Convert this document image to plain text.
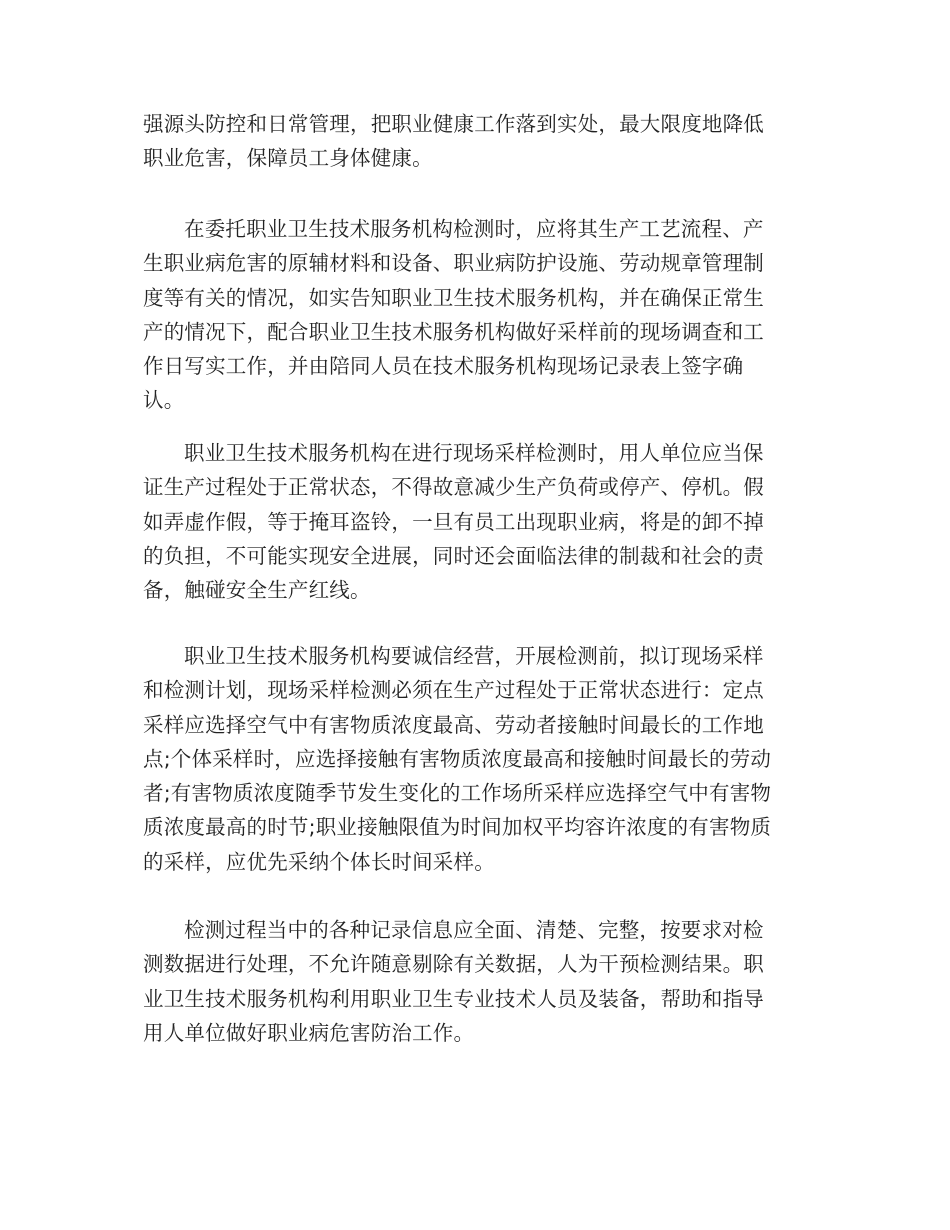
强源头防控和日常管理，把职业健康工作落到实处，最大限度地降低
职业危害，保障员工身体健康。
在委托职业卫生技术服务机构检测时，应将其生产工艺流程、产
生职业病危害的原辅材料和设备、职业病防护设施、劳动规章管理制
度等有关的情况，如实告知职业卫生技术服务机构，并在确保正常生
产的情况下，配合职业卫生技术服务机构做好采样前的现场调查和工
作日写实工作，并由陪同人员在技术服务机构现场记录表上签字确
认。
职业卫生技术服务机构在进行现场采样检测时，用人单位应当保
证生产过程处于正常状态，不得故意减少生产负荷或停产、停机。假
如弄虚作假，等于掩耳盗铃，一旦有员工出现职业病，将是的卸不掉
的负担，不可能实现安全进展，同时还会面临法律的制裁和社会的责
备，触碰安全生产红线。
职业卫生技术服务机构要诚信经营，开展检测前，拟订现场采样
和检测计划，现场采样检测必须在生产过程处于正常状态进行：定点
采样应选择空气中有害物质浓度最高、劳动者接触时间最长的工作地
点;个体采样时，应选择接触有害物质浓度最高和接触时间最长的劳动
者;有害物质浓度随季节发生变化的工作场所采样应选择空气中有害物
质浓度最高的时节;职业接触限值为时间加权平均容许浓度的有害物质
的采样，应优先采纳个体长时间采样。
检测过程当中的各种记录信息应全面、清楚、完整，按要求对检
测数据进行处理，不允许随意剔除有关数据，人为干预检测结果。职
业卫生技术服务机构利用职业卫生专业技术人员及装备，帮助和指导
用人单位做好职业病危害防治工作。
